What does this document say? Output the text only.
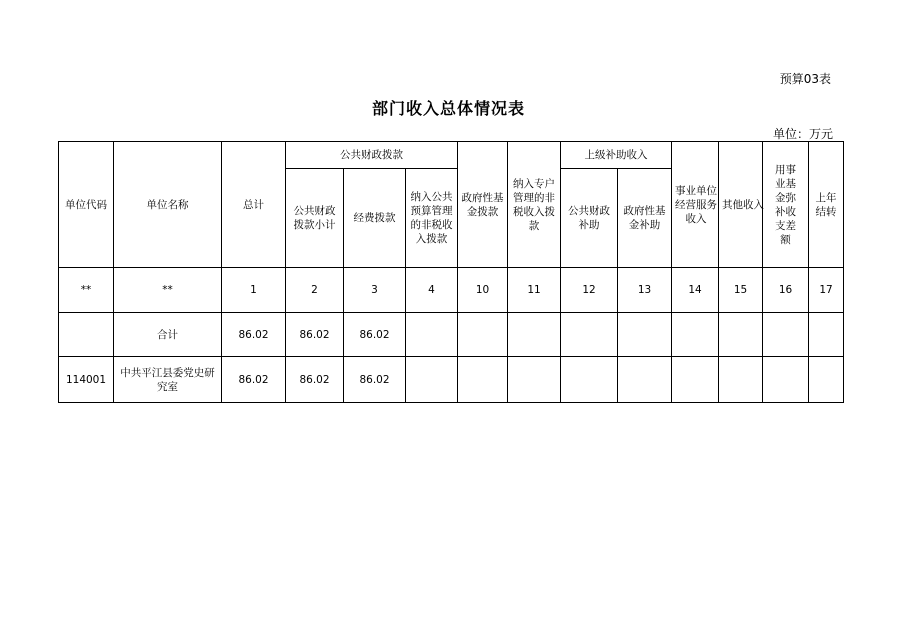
预算03表
部门收入总体情况表
单位：万元
单位代码	单位名称	总计	公共财政拨款			政府性基金拨款	纳入专户管理的非税收入拨款	上级补助收入		事业单位经营服务收入	其他收入	用事业基金弥补收支差额	上年结转
			公共财政拨款小计	经费拨款	纳入公共预算管理的非税收入拨款			公共财政补助	政府性基金补助				
**	**	1	2	3	4	10	11	12	13	14	15	16	17
	合计	86.02	86.02	86.02									
114001	中共平江县委党史研究室	86.02	86.02	86.02									
